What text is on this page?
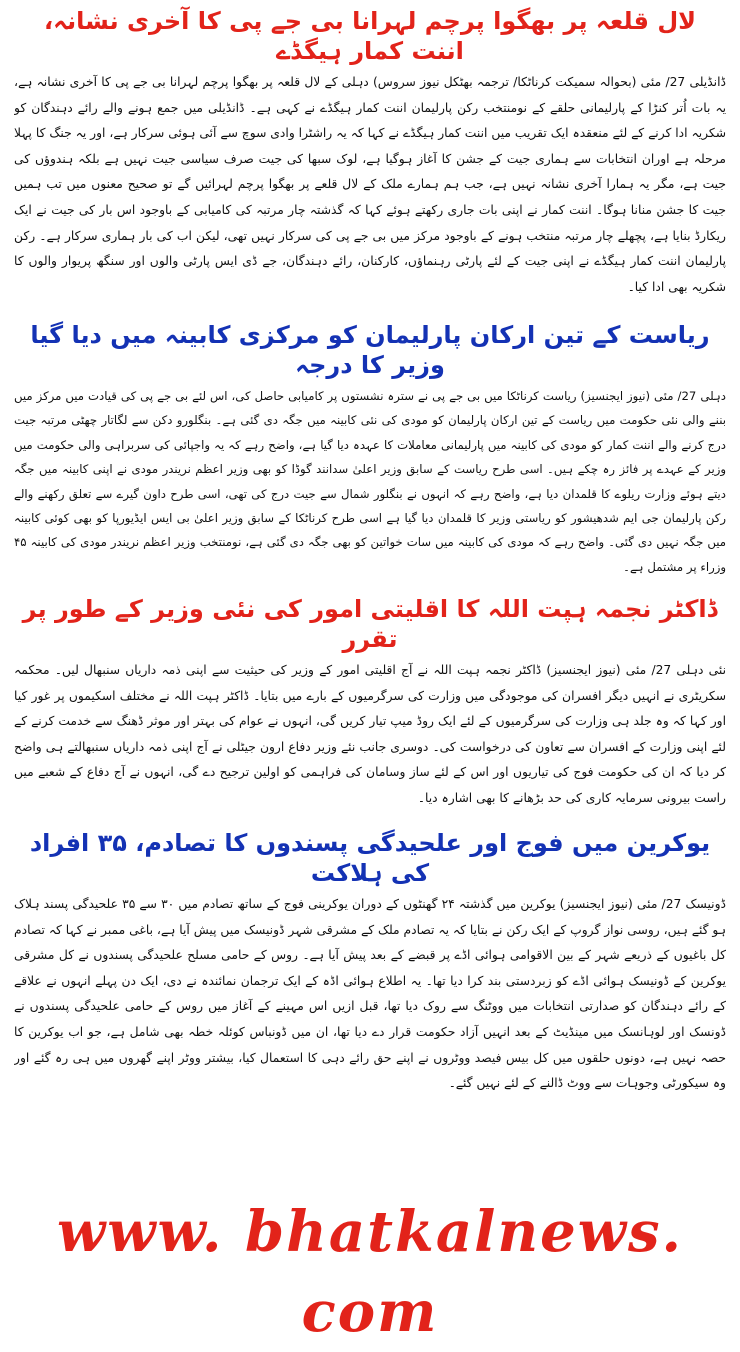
لال قلعہ پر بھگوا پرچم لہرانا بی جے پی کا آخری نشانہ، اننت کمار ہیگڈے

ڈانڈیلی 27/ مئی (بحوالہ سمیکت کرناٹکا/ ترجمہ بھٹکل نیوز سروس) دہلی کے لال قلعہ پر بھگوا پرچم لہرانا بی جے پی کا آخری نشانہ ہے، یہ بات اُتر کنڑا کے پارلیمانی حلقے کے نومنتخب رکن پارلیمان اننت کمار ہیگڈے نے کہی ہے۔ ڈانڈیلی میں جمع ہونے والے رائے دہندگان کو شکریہ ادا کرنے کے لئے منعقدہ ایک تقریب میں اننت کمار ہیگڈے نے کہا کہ یہ راشٹرا وادی سوچ سے آئی ہوئی سرکار ہے، اور یہ جنگ کا پہلا مرحلہ ہے اوران انتخابات سے ہماری جیت کے جشن کا آغاز ہوگیا ہے، لوک سبھا کی جیت صرف سیاسی جیت نہیں ہے بلکہ ہندوؤں کی جیت ہے، مگر یہ ہمارا آخری نشانہ نہیں ہے، جب ہم ہمارے ملک کے لال قلعے پر بھگوا پرچم لہرائیں گے تو صحیح معنوں میں تب ہمیں جیت کا جشن منانا ہوگا۔ اننت کمار نے اپنی بات جاری رکھتے ہوئے کہا کہ گذشتہ چار مرتبہ کی کامیابی کے باوجود اس بار کی جیت نے ایک ریکارڈ بنایا ہے، پچھلے چار مرتبہ منتخب ہونے کے باوجود مرکز میں بی جے پی کی سرکار نہیں تھی، لیکن اب کی بار ہماری سرکار ہے۔ رکن پارلیمان اننت کمار ہیگڈے نے اپنی جیت کے لئے پارٹی رہنماؤں، کارکنان، رائے دہندگان، جے ڈی ایس پارٹی والوں اور سنگھ پریوار والوں کا شکریہ بھی ادا کیا۔

ریاست کے تین ارکان پارلیمان کو مرکزی کابینہ میں دیا گیا وزیر کا درجہ

دہلی 27/ مئی (نیوز ایجنسیز) ریاست کرناٹکا میں بی جے پی نے سترہ نشستوں پر کامیابی حاصل کی، اس لئے بی جے پی کی قیادت میں مرکز میں بننے والی نئی حکومت میں ریاست کے تین ارکان پارلیمان کو مودی کی نئی کابینہ میں جگہ دی گئی ہے۔ بنگلورو دکن سے لگاتار چھٹی مرتبہ جیت درج کرنے والے اننت کمار کو مودی کی کابینہ میں پارلیمانی معاملات کا عہدہ دیا گیا ہے، واضح رہے کہ یہ واجپائی کی سربراہی والی حکومت میں وزیر کے عہدے پر فائز رہ چکے ہیں۔ اسی طرح ریاست کے سابق وزیر اعلیٰ سدانند گوڈا کو بھی وزیر اعظم نریندر مودی نے اپنی کابینہ میں جگہ دیتے ہوئے وزارت ریلوے کا قلمدان دیا ہے، واضح رہے کہ انہوں نے بنگلور شمال سے جیت درج کی تھی، اسی طرح داون گیرے سے تعلق رکھنے والے رکن پارلیمان جی ایم شدھیشور کو ریاستی وزیر کا قلمدان دیا گیا ہے اسی طرح کرناٹکا کے سابق وزیر اعلیٰ بی ایس ایڈیورپا کو بھی کوئی کابینہ میں جگہ نہیں دی گئی۔ واضح رہے کہ مودی کی کابینہ میں سات خواتین کو بھی جگہ دی گئی ہے، نومنتخب وزیر اعظم نریندر مودی کی کابینہ ۴۵ وزراء پر مشتمل ہے۔

ڈاکٹر نجمہ ہپت اللہ کا اقلیتی امور کی نئی وزیر کے طور پر تقرر

نئی دہلی 27/ مئی (نیوز ایجنسیز) ڈاکٹر نجمہ ہپت اللہ نے آج اقلیتی امور کے وزیر کی حیثیت سے اپنی ذمہ داریاں سنبھال لیں۔ محکمہ سکریٹری نے انہیں دیگر افسران کی موجودگی میں وزارت کی سرگرمیوں کے بارے میں بتایا۔ ڈاکٹر ہپت اللہ نے مختلف اسکیموں پر غور کیا اور کہا کہ وہ جلد ہی وزارت کی سرگرمیوں کے لئے ایک روڈ میپ تیار کریں گی، انہوں نے عوام کی بہتر اور موثر ڈھنگ سے خدمت کرنے کے لئے اپنی وزارت کے افسران سے تعاون کی درخواست کی۔ دوسری جانب نئے وزیر دفاع ارون جیٹلی نے آج اپنی ذمہ داریاں سنبھالتے ہی واضح کر دیا کہ ان کی حکومت فوج کی تیاریوں اور اس کے لئے ساز وسامان کی فراہمی کو اولین ترجیح دے گی، انہوں نے آج دفاع کے شعبے میں راست بیرونی سرمایہ کاری کی حد بڑھانے کا بھی اشارہ دیا۔

یوکرین میں فوج اور علحیدگی پسندوں کا تصادم، ۳۵ افراد کی ہلاکت

ڈونیسک 27/ مئی (نیوز ایجنسیز) یوکرین میں گذشتہ ۲۴ گھنٹوں کے دوران یوکرینی فوج کے ساتھ تصادم میں ۳۰ سے ۳۵ علحیدگی پسند ہلاک ہو گئے ہیں، روسی نواز گروپ کے ایک رکن نے بتایا کہ یہ تصادم ملک کے مشرقی شہر ڈونیسک میں پیش آیا ہے، باغی ممبر نے کہا کہ تصادم کل باغیوں کے ذریعے شہر کے بین الاقوامی ہوائی اڈے پر قبضے کے بعد پیش آیا ہے۔ روس کے حامی مسلح علحیدگی پسندوں نے کل مشرقی یوکرین کے ڈونیسک ہوائی اڈے کو زبردستی بند کرا دیا تھا۔ یہ اطلاع ہوائی اڈہ کے ایک ترجمان نمائندہ نے دی، ایک دن پہلے انہوں نے علاقے کے رائے دہندگان کو صدارتی انتخابات میں ووٹنگ سے روک دیا تھا، قبل ازیں اس مہینے کے آغاز میں روس کے حامی علحیدگی پسندوں نے ڈونسک اور لوہانسک میں مینڈیٹ کے بعد انہیں آزاد حکومت قرار دے دیا تھا، ان میں ڈونباس کوئلہ خطہ بھی شامل ہے، جو اب یوکرین کا حصہ نہیں ہے، دونوں حلقوں میں کل بیس فیصد ووٹروں نے اپنے حق رائے دہی کا استعمال کیا، بیشتر ووٹر اپنے گھروں میں ہی رہ گئے اور وہ سیکورٹی وجوہات سے ووٹ ڈالنے کے لئے نہیں گئے۔

www. bhatkalnews. com
